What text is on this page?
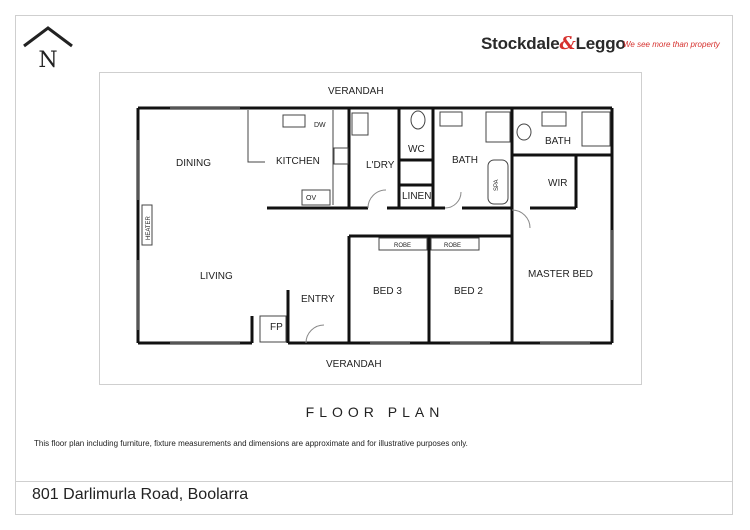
N
Stockdale&Leggo
We see more than property
VERANDAH
VERANDAH
DINING	KITCHEN
DW
OV
L'DRY
WC
BATH
BATH
LINEN
SPA	WIR
HEATER
LIVING
ENTRY
FP
ROBE	ROBE
BED 3	BED 2
MASTER BED
FLOOR PLAN
This floor plan including furniture, fixture measurements and dimensions are approximate and for illustrative purposes only.
801 Darlimurla Road, Boolarra
